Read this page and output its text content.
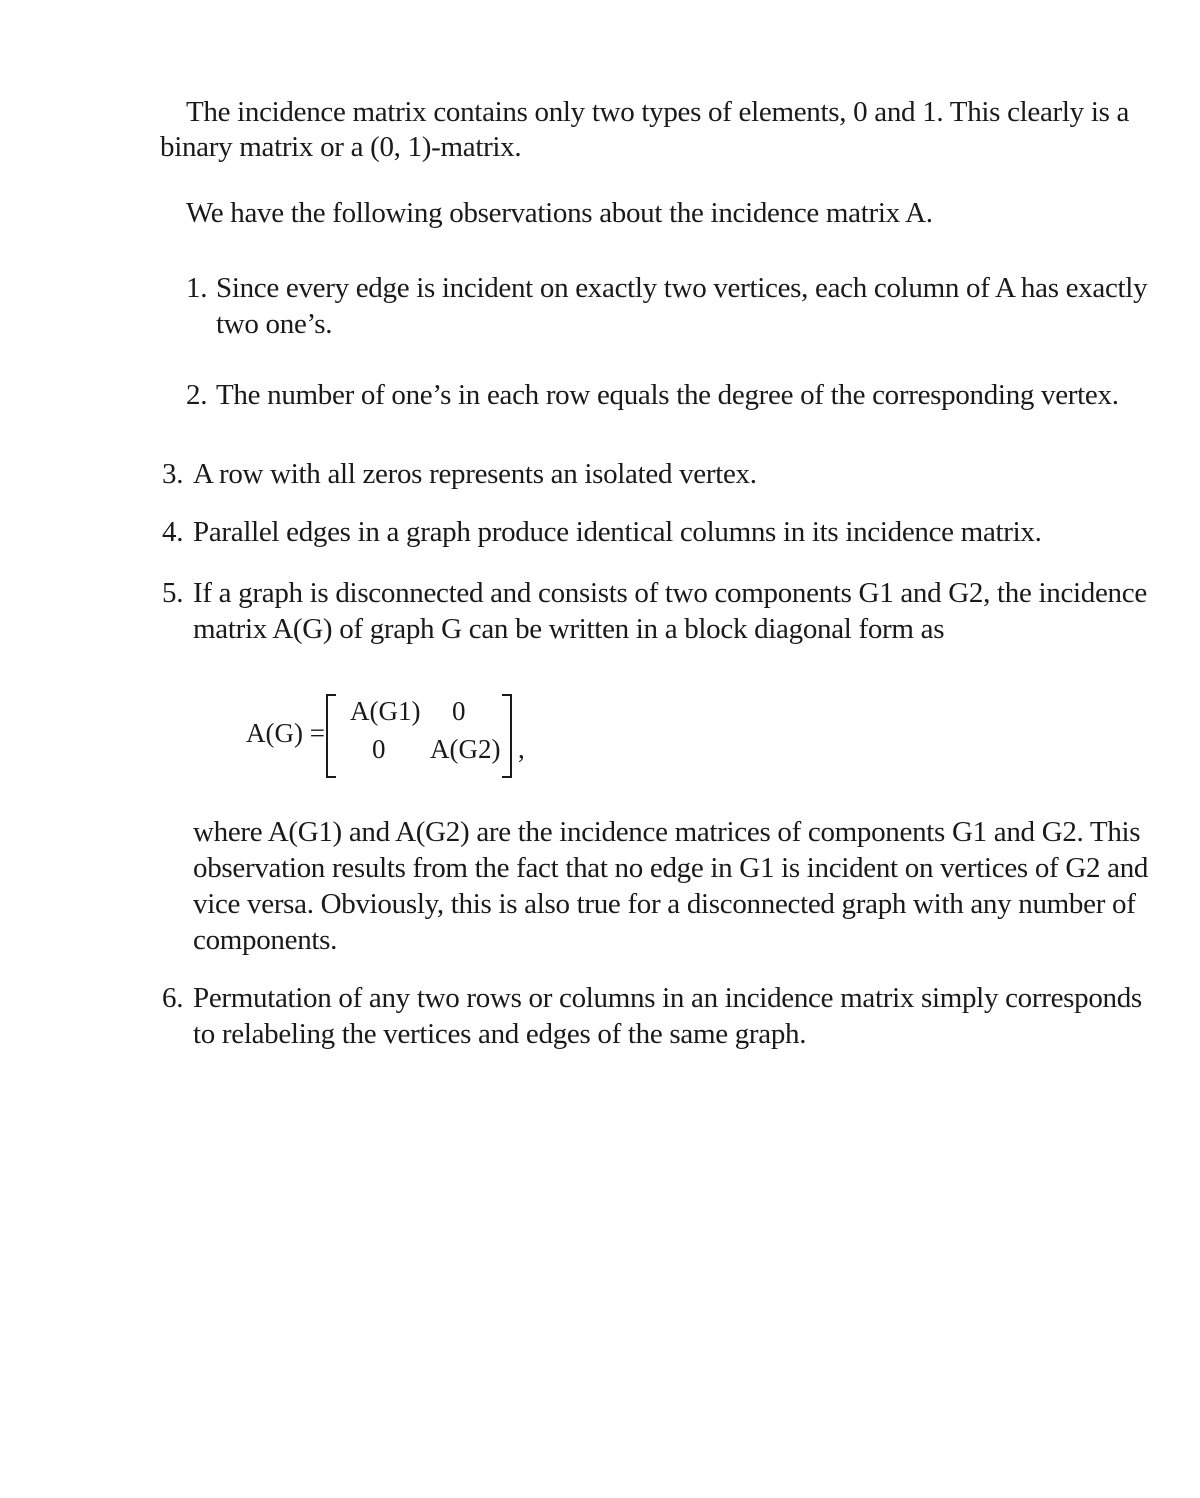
The incidence matrix contains only two types of elements, 0 and 1. This clearly is a
binary matrix or a (0, 1)-matrix.
We have the following observations about the incidence matrix A.
1. Since every edge is incident on exactly two vertices, each column of A has exactly
two one’s.
2. The number of one’s in each row equals the degree of the corresponding vertex.
3. A row with all zeros represents an isolated vertex.
4. Parallel edges in a graph produce identical columns in its incidence matrix.
5. If a graph is disconnected and consists of two components G1 and G2, the incidence
matrix A(G) of graph G can be written in a block diagonal form as
A(G) =
A(G1) 0
0 A(G2) ,
where A(G1) and A(G2) are the incidence matrices of components G1 and G2. This
observation results from the fact that no edge in G1 is incident on vertices of G2 and
vice versa. Obviously, this is also true for a disconnected graph with any number of
components.
6. Permutation of any two rows or columns in an incidence matrix simply corresponds
to relabeling the vertices and edges of the same graph.
